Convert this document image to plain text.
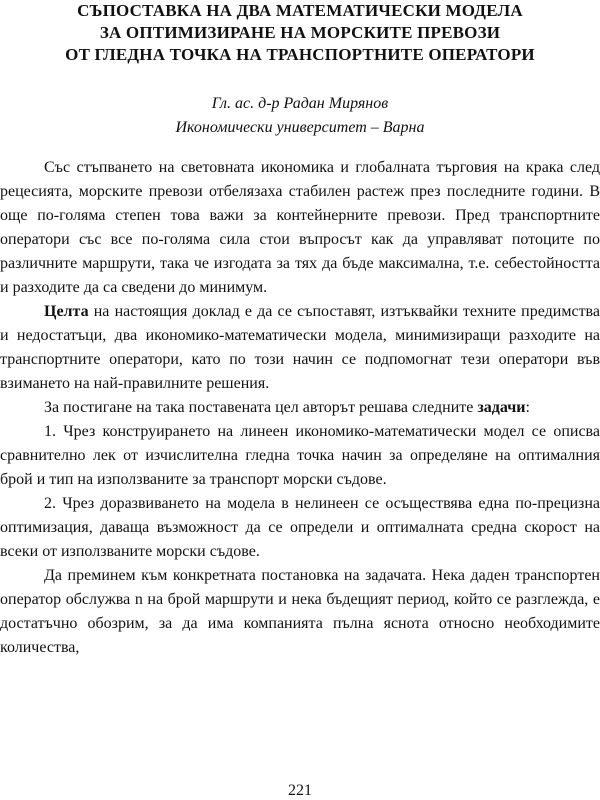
СЪПОСТАВКА НА ДВА МАТЕМАТИЧЕСКИ МОДЕЛА
ЗА ОПТИМИЗИРАНЕ НА МОРСКИТЕ ПРЕВОЗИ
ОТ ГЛЕДНА ТОЧКА НА ТРАНСПОРТНИТЕ ОПЕРАТОРИ
Гл. ас. д-р Радан Мирянов
Икономически университет – Варна

Със стъпването на световната икономика и глобалната търговия на крака след рецесията, морските превози отбелязаха стабилен растеж през последните години. В още по-голяма степен това важи за контейнерните превози. Пред транспортните оператори със все по-голяма сила стои въпросът как да управляват потоците по различните маршрути, така че изгодата за тях да бъде максимална, т.е. себестойността и разходите да са сведени до минимум.

Целта на настоящия доклад е да се съпоставят, изтъквайки техните предимства и недостатъци, два икономико-математически модела, минимизиращи разходите на транспортните оператори, като по този начин се подпомогнат тези оператори във взимането на най-правилните решения.

За постигане на така поставената цел авторът решава следните задачи:

1. Чрез конструирането на линеен икономико-математически модел се описва сравнително лек от изчислителна гледна точка начин за определяне на оптималния брой и тип на използваните за транспорт морски съдове.

2. Чрез доразвиването на модела в нелинеен се осъществява една по-прецизна оптимизация, даваща възможност да се определи и оптималната средна скорост на всеки от използваните морски съдове.

Да преминем към конкретната постановка на задачата. Нека даден транспортен оператор обслужва n на брой маршрути и нека бъдещият период, който се разглежда, е достатъчно обозрим, за да има компанията пълна яснота относно необходимите количества,

221
